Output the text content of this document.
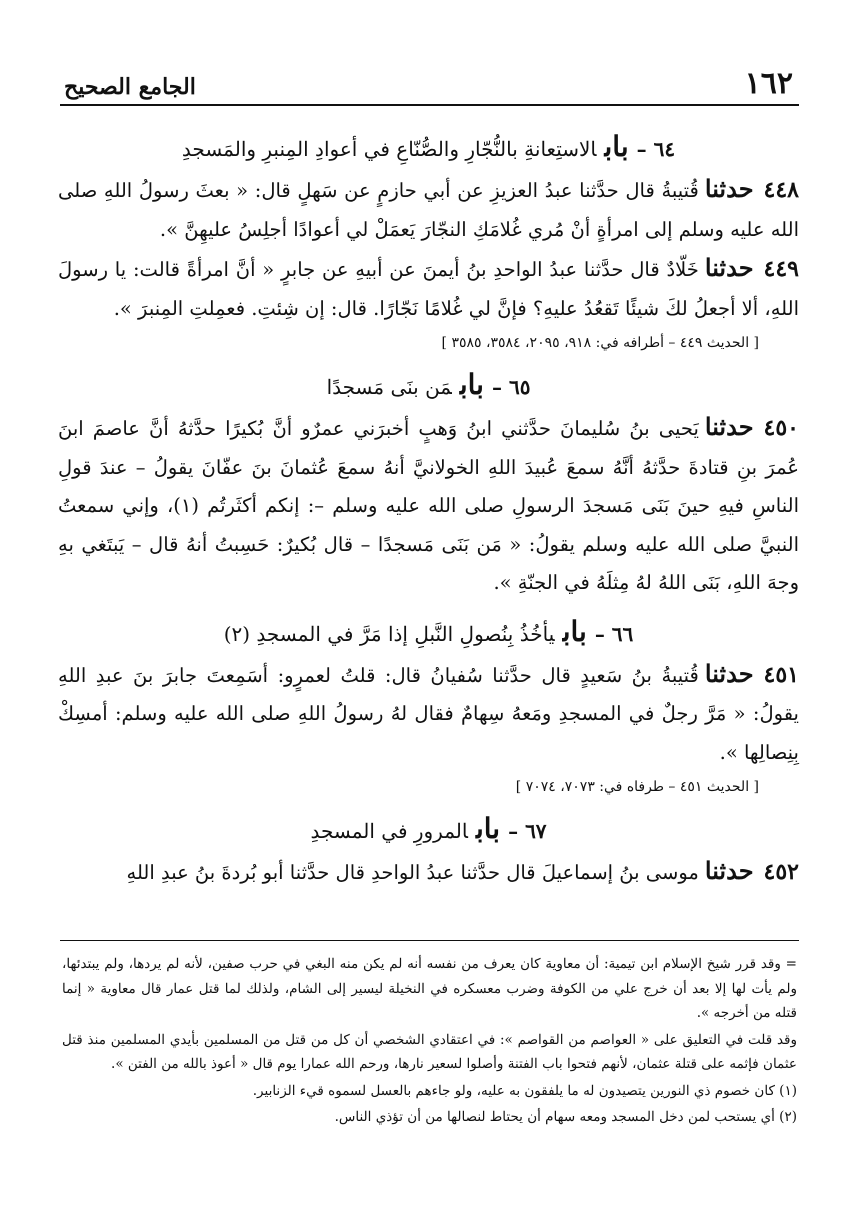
١٦٢
الجامع الصحيح
٦٤ –بابالاستِعانةِ بالنُّجّارِ والصُّنّاعِ في أعوادِ المِنبرِ والمَسجدِ
٤٤٨حدثناقُتيبةُ قال حدَّثنا عبدُ العزيزِ عن أبي حازمٍ عن سَهلٍ قال: « بعثَ رسولُ اللهِ صلى الله عليه وسلم إلى امرأةٍ أنْ مُري غُلامَكِ النجّارَ يَعمَلْ لي أعوادًا أجلِسُ عليهِنَّ ».
٤٤٩حدثناخَلّادٌ قال حدَّثنا عبدُ الواحدِ بنُ أيمنَ عن أبيهِ عن جابرٍ « أنَّ امرأةً قالت: يا رسولَ اللهِ، ألا أجعلُ لكَ شيئًا تَقعُدُ عليهِ؟ فإنَّ لي غُلامًا نَجّارًا. قال: إن شِئتِ. فعمِلتِ المِنبرَ ».
[ الحديث ٤٤٩ – أطرافه في: ٩١٨، ٢٠٩٥، ٣٥٨٤، ٣٥٨٥ ]
٦٥ –بابمَن بنَى مَسجدًا
٤٥٠حدثنايَحيى بنُ سُليمانَ حدَّثني ابنُ وَهبٍ أخبرَني عمرٌو أنَّ بُكيرًا حدَّثهُ أنَّ عاصمَ ابنَ عُمرَ بنِ قتادةَ حدَّثهُ أنَّهُ سمعَ عُبيدَ اللهِ الخولانيَّ أنهُ سمعَ عُثمانَ بنَ عفّانَ يقولُ – عندَ قولِ الناسِ فيهِ حينَ بَنَى مَسجدَ الرسولِ صلى الله عليه وسلم –: إنكم أكثَرتُم (١)، وإني سمعتُ النبيَّ صلى الله عليه وسلم يقولُ: « مَن بَنَى مَسجدًا – قال بُكيرٌ: حَسِبتُ أنهُ قال – يَبتَغي بهِ وجهَ اللهِ، بَنَى اللهُ لهُ مِثلَهُ في الجنّةِ ».
٦٦ –بابيأخُذُ بِنُصولِ النَّبلِ إذا مَرَّ في المسجدِ (٢)
٤٥١حدثناقُتيبةُ بنُ سَعيدٍ قال حدَّثنا سُفيانُ قال: قلتُ لعمرٍو: أسَمِعتَ جابرَ بنَ عبدِ اللهِ يقولُ: « مَرَّ رجلٌ في المسجدِ ومَعهُ سِهامٌ فقال لهُ رسولُ اللهِ صلى الله عليه وسلم: أمسِكْ بِنِصالِها ».
[ الحديث ٤٥١ – طرفاه في: ٧٠٧٣، ٧٠٧٤ ]
٦٧ –بابالمرورِ في المسجدِ
٤٥٢حدثناموسى بنُ إسماعيلَ قال حدَّثنا عبدُ الواحدِ قال حدَّثنا أبو بُردةَ بنُ عبدِ اللهِ

= وقد قرر شيخ الإسلام ابن تيمية: أن معاوية كان يعرف من نفسه أنه لم يكن منه البغي في حرب صفين، لأنه لم يردها، ولم يبتدئها، ولم يأت لها إلا بعد أن خرج علي من الكوفة وضرب معسكره في النخيلة ليسير إلى الشام، ولذلك لما قتل عمار قال معاوية « إنما قتله من أخرجه ».

وقد قلت في التعليق على « العواصم من القواصم »: في اعتقادي الشخصي أن كل من قتل من المسلمين بأيدي المسلمين منذ قتل عثمان فإثمه على قتلة عثمان، لأنهم فتحوا باب الفتنة وأصلوا لسعير نارها، ورحم الله عمارا يوم قال « أعوذ بالله من الفتن ».

(١) كان خصوم ذي النورين يتصيدون له ما يلفقون به عليه، ولو جاءهم بالعسل لسموه قيء الزنابير.

(٢) أي يستحب لمن دخل المسجد ومعه سهام أن يحتاط لنصالها من أن تؤذي الناس.
